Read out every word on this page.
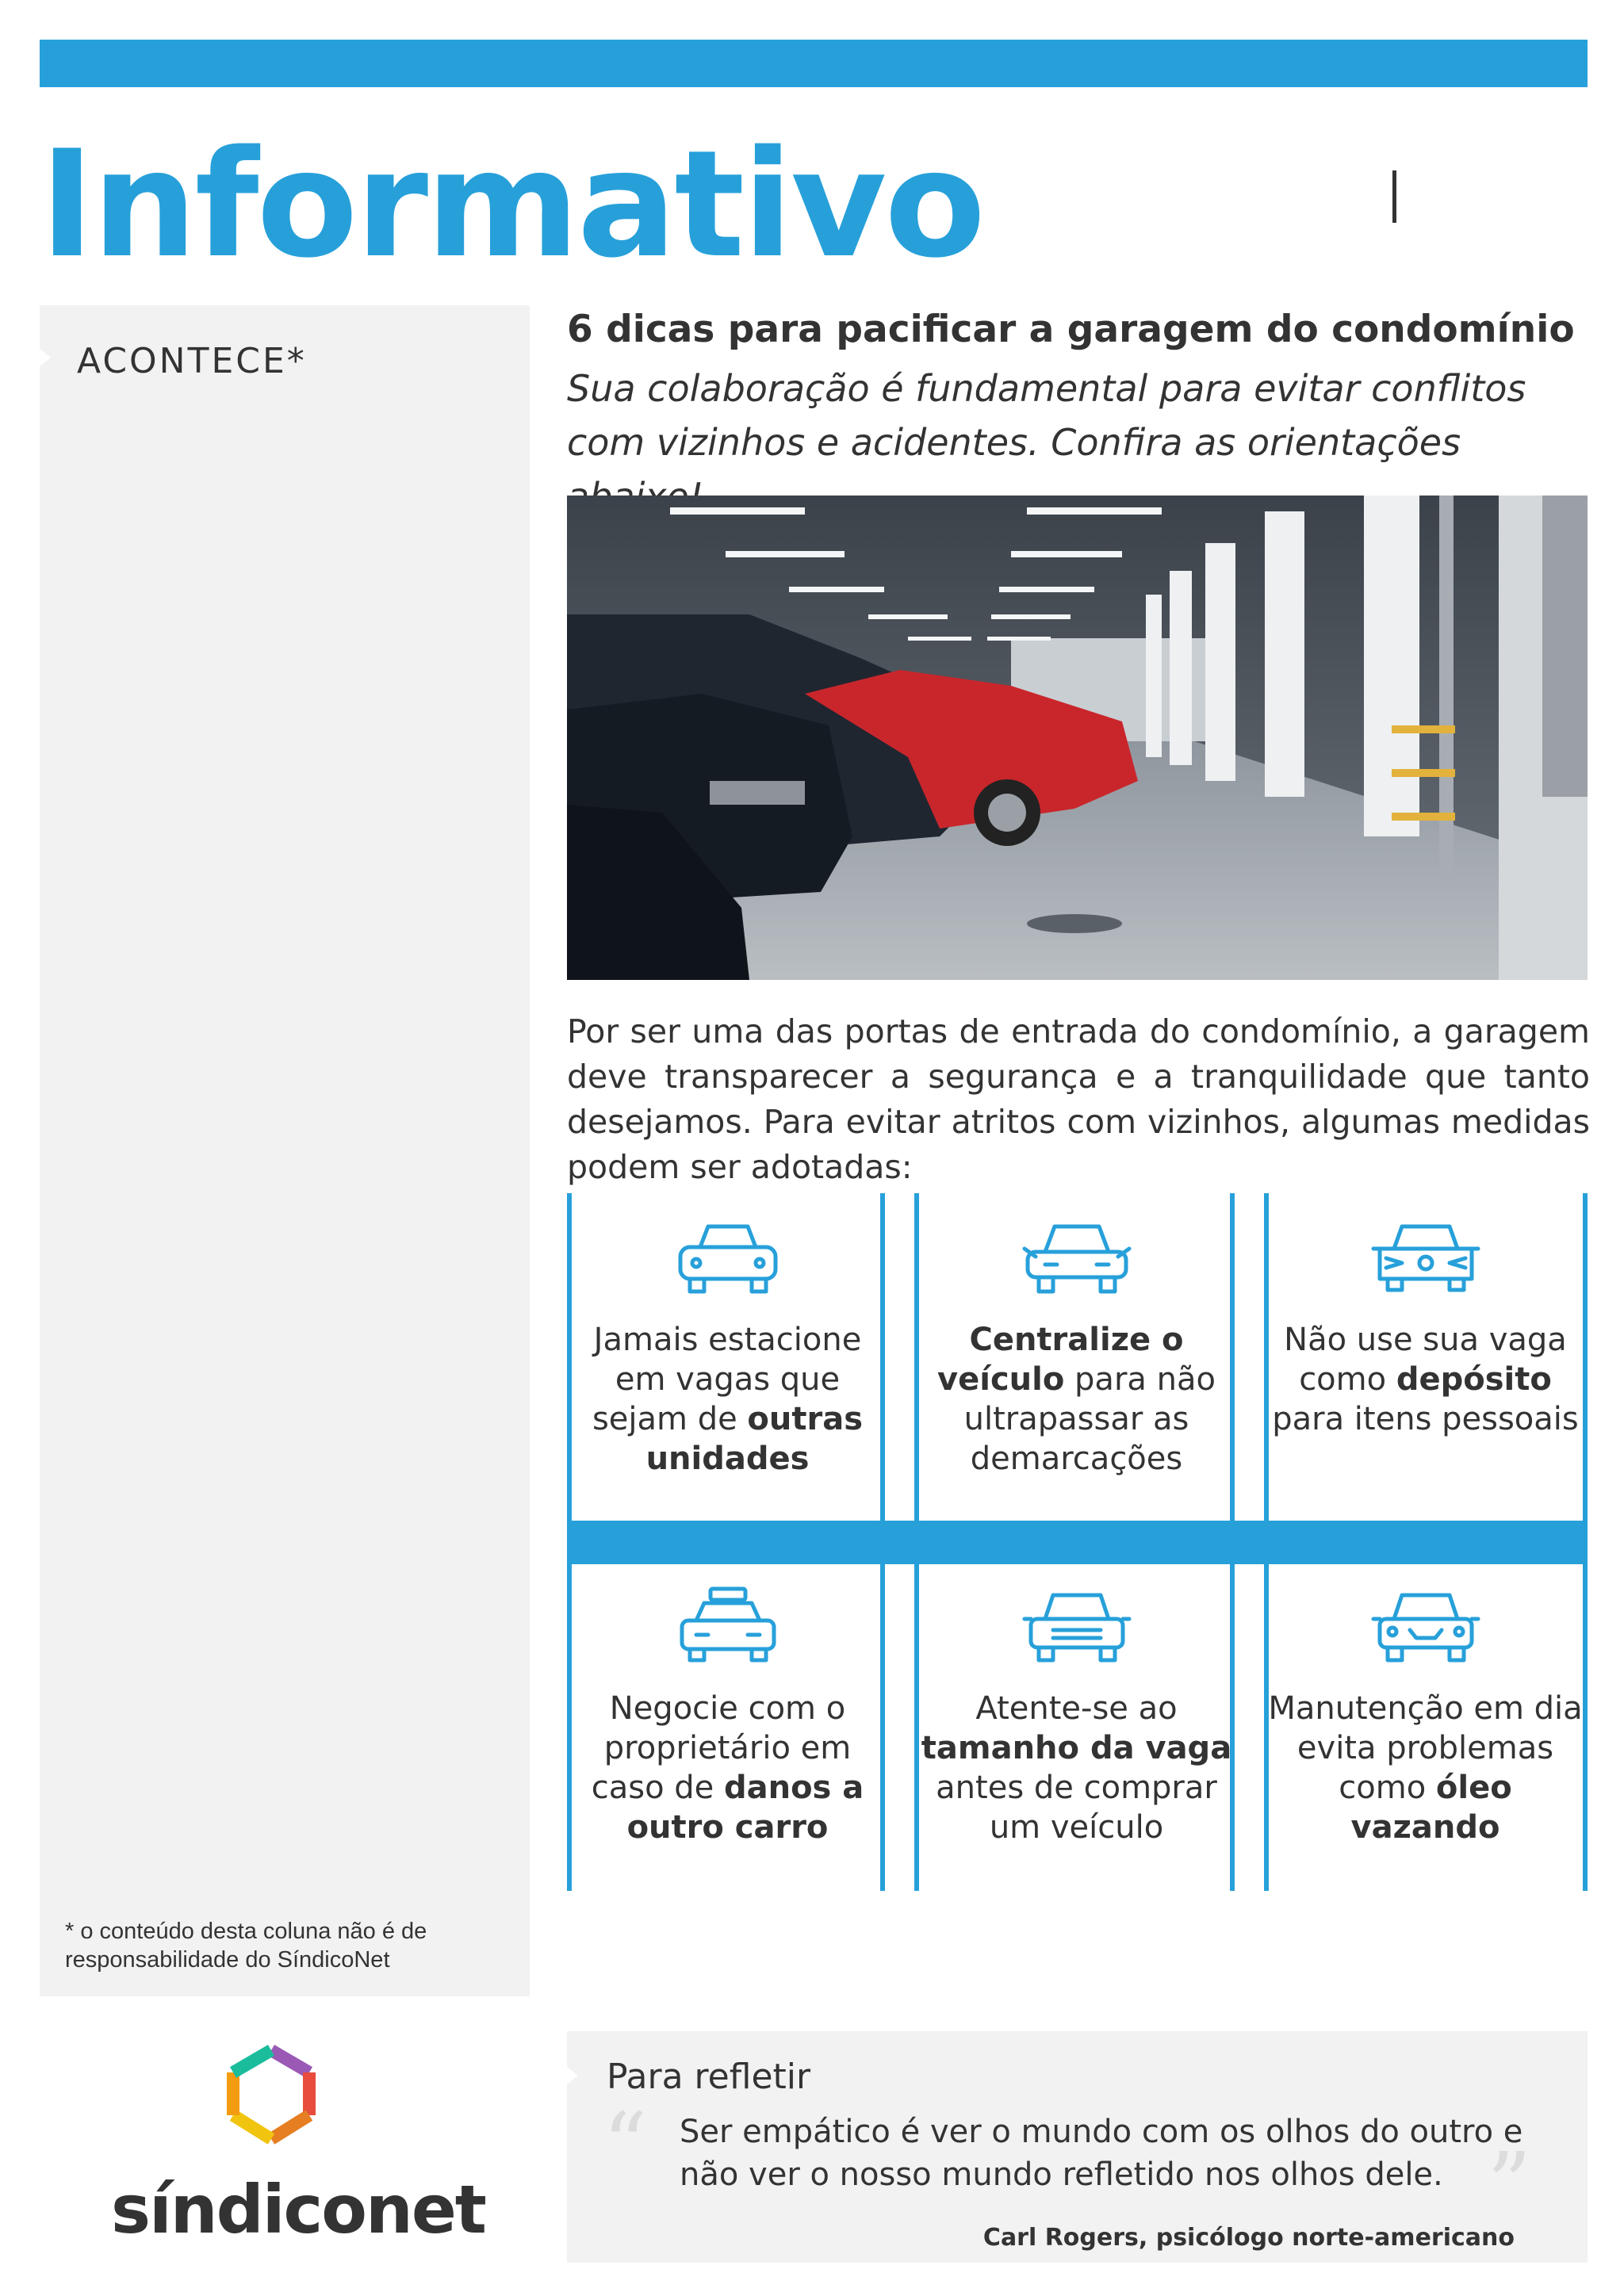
Informativo
ACONTECE*
* o conteúdo desta coluna não é de responsabilidade do SíndicoNet
6 dicas para pacificar a garagem do condomínio
Sua colaboração é fundamental para evitar conflitos com vizinhos e acidentes. Confira as orientações
Por ser uma das portas de entrada do condomínio, a garagem deve transparecer a segurança e a tranquilidade que tanto desejamos. Para evitar atritos com vizinhos, algumas medidas podem ser adotadas:
Jamais estacione em vagas que sejam de outras unidades
Centralize o veículo para não ultrapassar as demarcações
Não use sua vaga como depósito para itens pessoais
Negocie com o proprietário em caso de danos a outro carro
Atente-se ao tamanho da vaga antes de comprar um veículo
Manutenção em dia evita problemas como óleo vazando
síndiconet
Para refletir
“ Ser empático é ver o mundo com os olhos do outro e não ver o nosso mundo refletido nos olhos dele. ”
Carl Rogers, psicólogo norte-americano
